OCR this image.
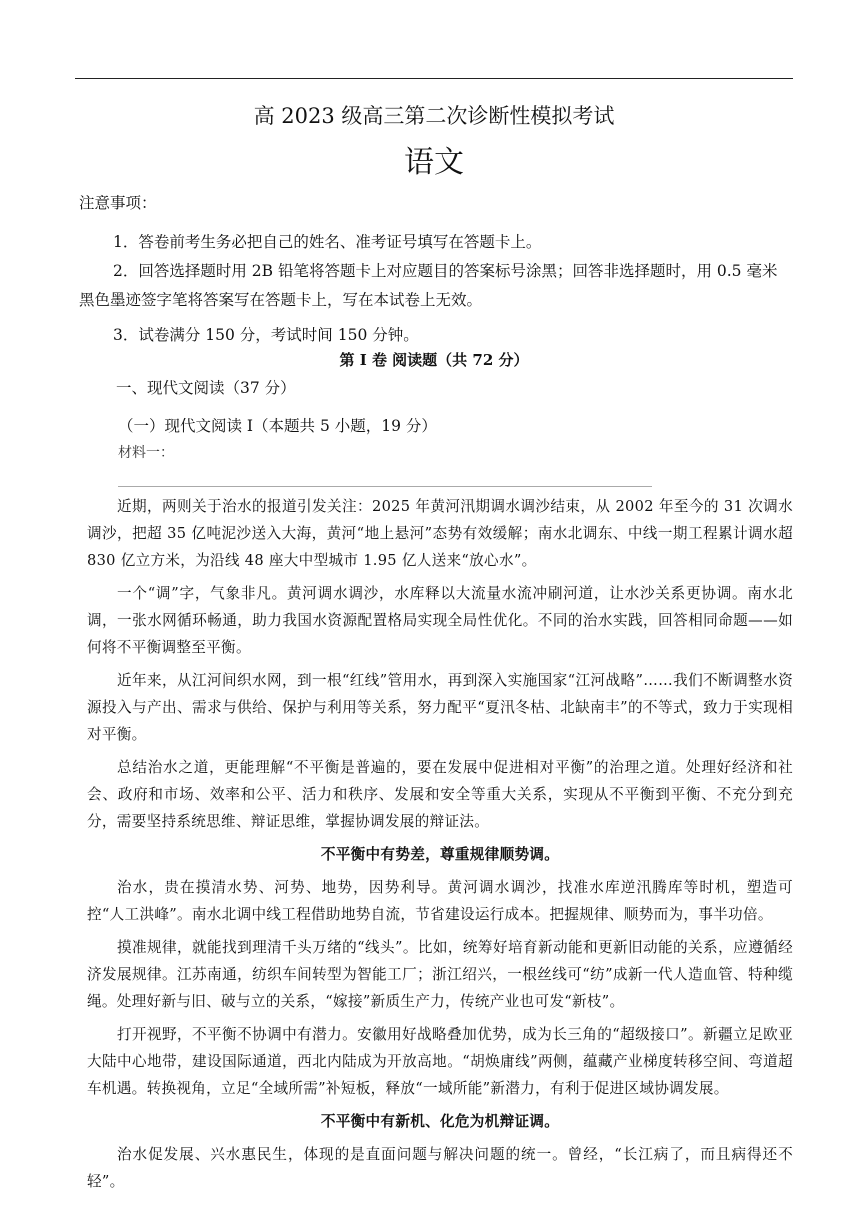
高 2023 级高三第二次诊断性模拟考试
语文
注意事项：
1．答卷前考生务必把自己的姓名、准考证号填写在答题卡上。
2．回答选择题时用 2B 铅笔将答题卡上对应题目的答案标号涂黑；回答非选择题时，用 0.5 毫米黑色墨迹签字笔将答案写在答题卡上，写在本试卷上无效。
3．试卷满分 150 分，考试时间 150 分钟。
第 I 卷 阅读题（共 72 分）
一、现代文阅读（37 分）
（一）现代文阅读 I（本题共 5 小题，19 分）
材料一：

近期，两则关于治水的报道引发关注：2025 年黄河汛期调水调沙结束，从 2002 年至今的 31 次调水调沙，把超 35 亿吨泥沙送入大海，黄河“地上悬河”态势有效缓解；南水北调东、中线一期工程累计调水超 830 亿立方米，为沿线 48 座大中型城市 1.95 亿人送来“放心水”。

一个“调”字，气象非凡。黄河调水调沙，水库释以大流量水流冲刷河道，让水沙关系更协调。南水北调，一张水网循环畅通，助力我国水资源配置格局实现全局性优化。不同的治水实践，回答相同命题——如何将不平衡调整至平衡。

近年来，从江河间织水网，到一根“红线”管用水，再到深入实施国家“江河战略”……我们不断调整水资源投入与产出、需求与供给、保护与利用等关系，努力配平“夏汛冬枯、北缺南丰”的不等式，致力于实现相对平衡。

总结治水之道，更能理解“不平衡是普遍的，要在发展中促进相对平衡”的治理之道。处理好经济和社会、政府和市场、效率和公平、活力和秩序、发展和安全等重大关系，实现从不平衡到平衡、不充分到充分，需要坚持系统思维、辩证思维，掌握协调发展的辩证法。

不平衡中有势差，尊重规律顺势调。

治水，贵在摸清水势、河势、地势，因势利导。黄河调水调沙，找准水库逆汛腾库等时机，塑造可控“人工洪峰”。南水北调中线工程借助地势自流，节省建设运行成本。把握规律、顺势而为，事半功倍。

摸准规律，就能找到理清千头万绪的“线头”。比如，统筹好培育新动能和更新旧动能的关系，应遵循经济发展规律。江苏南通，纺织车间转型为智能工厂；浙江绍兴，一根丝线可“纺”成新一代人造血管、特种缆绳。处理好新与旧、破与立的关系，“嫁接”新质生产力，传统产业也可发“新枝”。

打开视野，不平衡不协调中有潜力。安徽用好战略叠加优势，成为长三角的“超级接口”。新疆立足欧亚大陆中心地带，建设国际通道，西北内陆成为开放高地。“胡焕庸线”两侧，蕴藏产业梯度转移空间、弯道超车机遇。转换视角，立足“全域所需”补短板，释放“一域所能”新潜力，有利于促进区域协调发展。

不平衡中有新机、化危为机辩证调。

治水促发展、兴水惠民生，体现的是直面问题与解决问题的统一。曾经，“长江病了，而且病得还不轻”。
